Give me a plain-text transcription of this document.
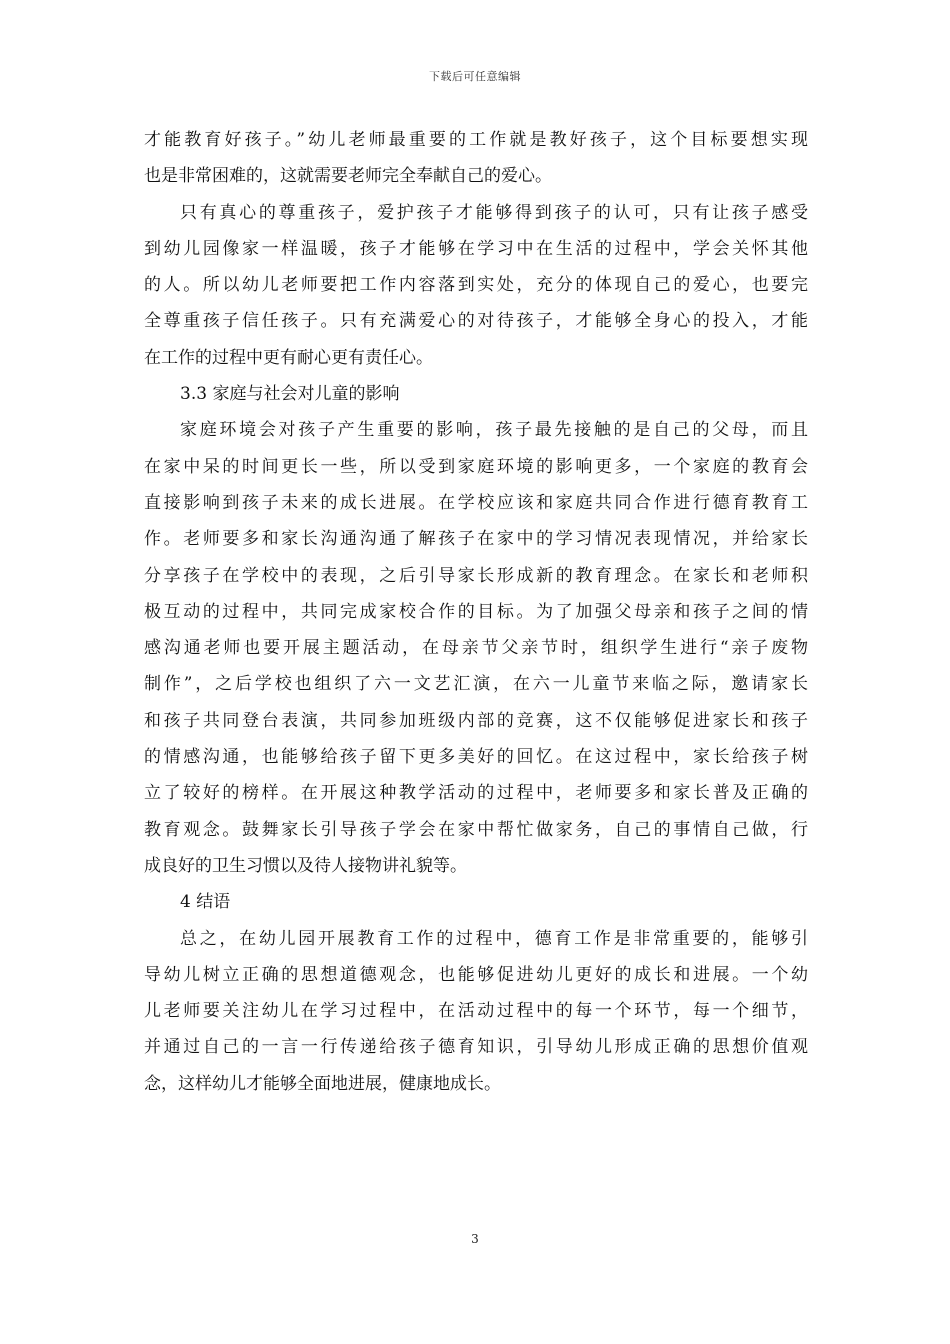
下载后可任意编辑
才能教育好孩子。”幼儿老师最重要的工作就是教好孩子，这个目标要想实现
也是非常困难的，这就需要老师完全奉献自己的爱心。
只有真心的尊重孩子，爱护孩子才能够得到孩子的认可，只有让孩子感受
到幼儿园像家一样温暖，孩子才能够在学习中在生活的过程中，学会关怀其他
的人。所以幼儿老师要把工作内容落到实处，充分的体现自己的爱心，也要完
全尊重孩子信任孩子。只有充满爱心的对待孩子，才能够全身心的投入，才能
在工作的过程中更有耐心更有责任心。
3.3 家庭与社会对儿童的影响
家庭环境会对孩子产生重要的影响，孩子最先接触的是自己的父母，而且
在家中呆的时间更长一些，所以受到家庭环境的影响更多，一个家庭的教育会
直接影响到孩子未来的成长进展。在学校应该和家庭共同合作进行德育教育工
作。老师要多和家长沟通沟通了解孩子在家中的学习情况表现情况，并给家长
分享孩子在学校中的表现，之后引导家长形成新的教育理念。在家长和老师积
极互动的过程中，共同完成家校合作的目标。为了加强父母亲和孩子之间的情
感沟通老师也要开展主题活动，在母亲节父亲节时，组织学生进行“亲子废物
制作”，之后学校也组织了六一文艺汇演，在六一儿童节来临之际，邀请家长
和孩子共同登台表演，共同参加班级内部的竞赛，这不仅能够促进家长和孩子
的情感沟通，也能够给孩子留下更多美好的回忆。在这过程中，家长给孩子树
立了较好的榜样。在开展这种教学活动的过程中，老师要多和家长普及正确的
教育观念。鼓舞家长引导孩子学会在家中帮忙做家务，自己的事情自己做，行
成良好的卫生习惯以及待人接物讲礼貌等。
4 结语
总之，在幼儿园开展教育工作的过程中，德育工作是非常重要的，能够引
导幼儿树立正确的思想道德观念，也能够促进幼儿更好的成长和进展。一个幼
儿老师要关注幼儿在学习过程中，在活动过程中的每一个环节，每一个细节，
并通过自己的一言一行传递给孩子德育知识，引导幼儿形成正确的思想价值观
念，这样幼儿才能够全面地进展，健康地成长。
3
